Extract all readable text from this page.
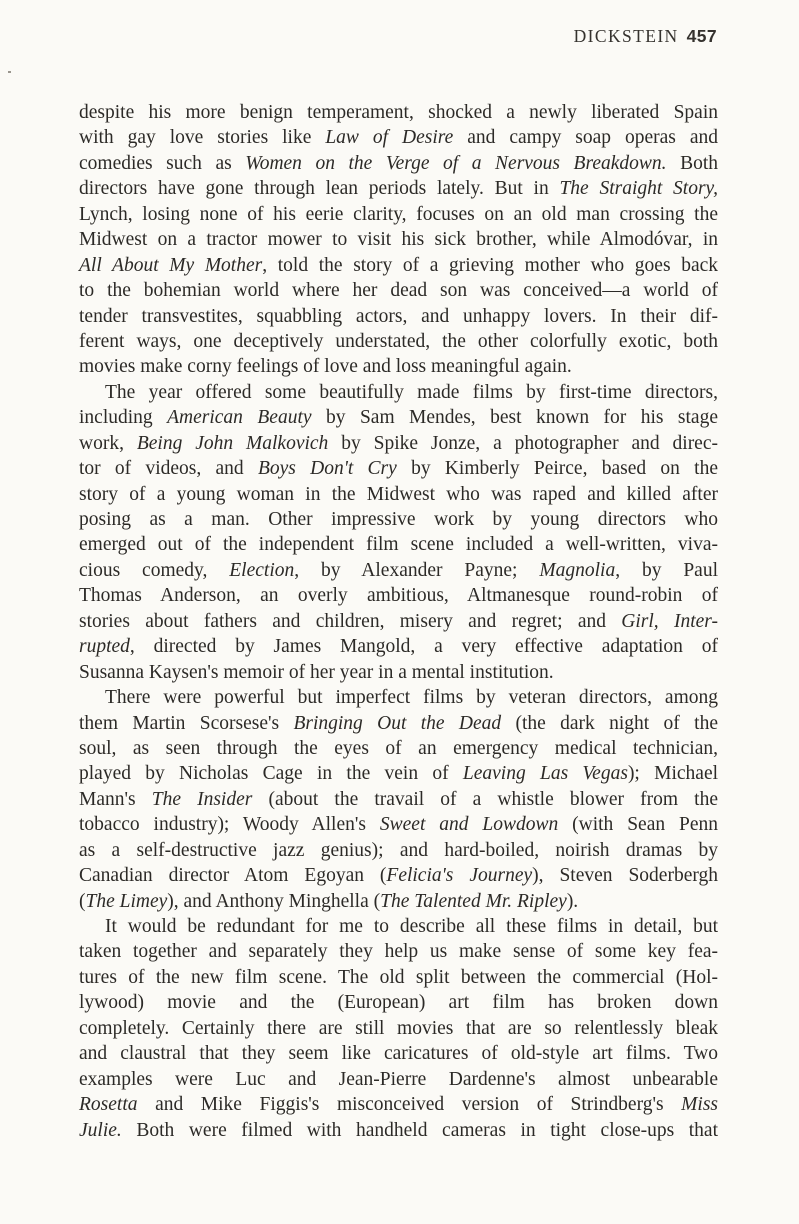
DICKSTEIN 457
despite his more benign temperament, shocked a newly liberated Spain
with gay love stories like Law of Desire and campy soap operas and
comedies such as Women on the Verge of a Nervous Breakdown. Both
directors have gone through lean periods lately. But in The Straight Story,
Lynch, losing none of his eerie clarity, focuses on an old man crossing the
Midwest on a tractor mower to visit his sick brother, while Almodóvar, in
All About My Mother, told the story of a grieving mother who goes back
to the bohemian world where her dead son was conceived—a world of
tender transvestites, squabbling actors, and unhappy lovers. In their dif-
ferent ways, one deceptively understated, the other colorfully exotic, both
movies make corny feelings of love and loss meaningful again.
The year offered some beautifully made films by first-time directors,
including American Beauty by Sam Mendes, best known for his stage
work, Being John Malkovich by Spike Jonze, a photographer and direc-
tor of videos, and Boys Don't Cry by Kimberly Peirce, based on the
story of a young woman in the Midwest who was raped and killed after
posing as a man. Other impressive work by young directors who
emerged out of the independent film scene included a well-written, viva-
cious comedy, Election, by Alexander Payne; Magnolia, by Paul
Thomas Anderson, an overly ambitious, Altmanesque round-robin of
stories about fathers and children, misery and regret; and Girl, Inter-
rupted, directed by James Mangold, a very effective adaptation of
Susanna Kaysen's memoir of her year in a mental institution.
There were powerful but imperfect films by veteran directors, among
them Martin Scorsese's Bringing Out the Dead (the dark night of the
soul, as seen through the eyes of an emergency medical technician,
played by Nicholas Cage in the vein of Leaving Las Vegas); Michael
Mann's The Insider (about the travail of a whistle blower from the
tobacco industry); Woody Allen's Sweet and Lowdown (with Sean Penn
as a self-destructive jazz genius); and hard-boiled, noirish dramas by
Canadian director Atom Egoyan (Felicia's Journey), Steven Soderbergh
(The Limey), and Anthony Minghella (The Talented Mr. Ripley).
It would be redundant for me to describe all these films in detail, but
taken together and separately they help us make sense of some key fea-
tures of the new film scene. The old split between the commercial (Hol-
lywood) movie and the (European) art film has broken down
completely. Certainly there are still movies that are so relentlessly bleak
and claustral that they seem like caricatures of old-style art films. Two
examples were Luc and Jean-Pierre Dardenne's almost unbearable
Rosetta and Mike Figgis's misconceived version of Strindberg's Miss
Julie. Both were filmed with handheld cameras in tight close-ups that
